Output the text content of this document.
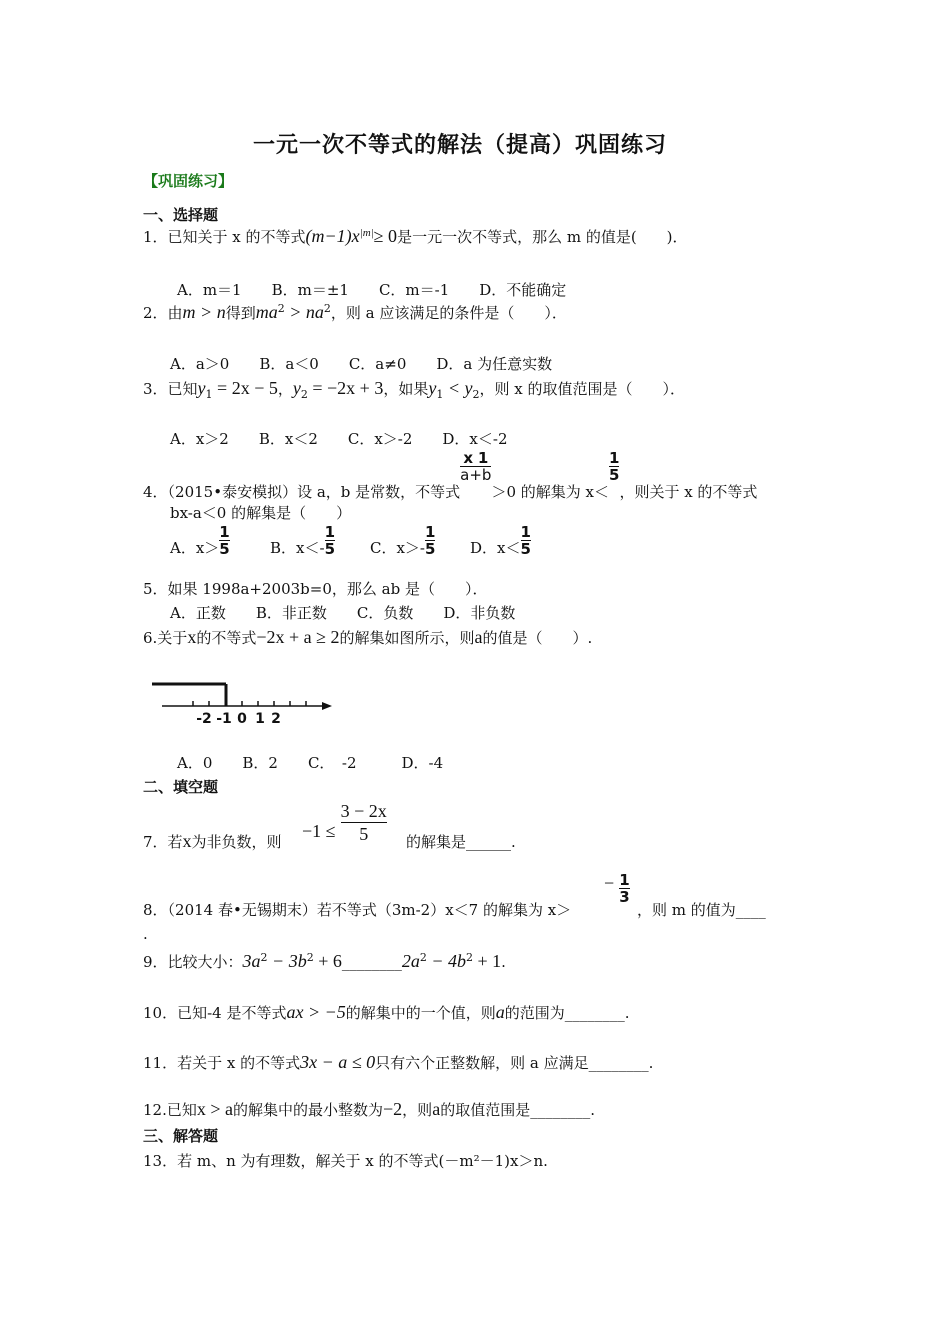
一元一次不等式的解法（提高）巩固练习
【巩固练习】
一、选择题
1．已知关于 x 的不等式$(m-1)x^{|m|}\ge 0$是一元一次不等式，那么 m 的值是(　　)．
A．m＝1　　B．m＝±1　　C．m＝-1　　D．不能确定
2．由m > n得到$ma^2 > na^2$，则 a 应该满足的条件是（　　）．
A．a＞0　　B．a＜0　　C．a≠0　　D．a 为任意实数
3．已知$y_1 = 2x - 5$，$y_2 = -2x + 3$，如果$y_1 < y_2$，则 x 的取值范围是（　　）．
A．x＞2　　B．x＜2　　C．x＞-2　　D．x＜-2
4．（2015•泰安模拟）设 a，b 是常数，不等式
$\frac{x 1}{a+b}$
＞0 的解集为 x＜
$\frac{1}{5}$
，则关于 x 的不等式
bx-a＜0 的解集是（　　）
A．$x> \frac{1}{5}$	B．$x<- \frac{1}{5}$ C．$x>- \frac{1}{5}$ D．$x< \frac{1}{5}$
5．如果 1998a+2003b=0，那么 ab 是（　　）．
A．正数　　B．非正数　　C．负数　　D．非负数
6.关于x的不等式−2x + a ≥ 2的解集如图所示，则a的值是（　　）.
-2 -1 0 1 2
A．0　　B．2　　C．　-2　　　D．-4
二、填空题
7．若x为非负数，则
$-1 \le \frac{3 - 2x}{5}$ 的解集是______.
8．（2014 春•无锡期末）若不等式（3m-2）x＜7 的解集为 x＞
− $\frac{1}{3}$
，则 m 的值为____
.
9．比较大小：$3a^2 - 3b^2$ + $6\_\_\_\_\_\_\_\_2a^2 - 4b^2 + 1$.
10．已知-4 是不等式ax > −5的解集中的一个值，则a的范围为________.
11．若关于 x 的不等式3x − a ≤ 0只有六个正整数解，则 a 应满足________.
12.已知x > a的解集中的最小整数为−2，则a的取值范围是________.
三、解答题
13．若 m、n 为有理数，解关于 x 的不等式(－m²－1)x＞n.
